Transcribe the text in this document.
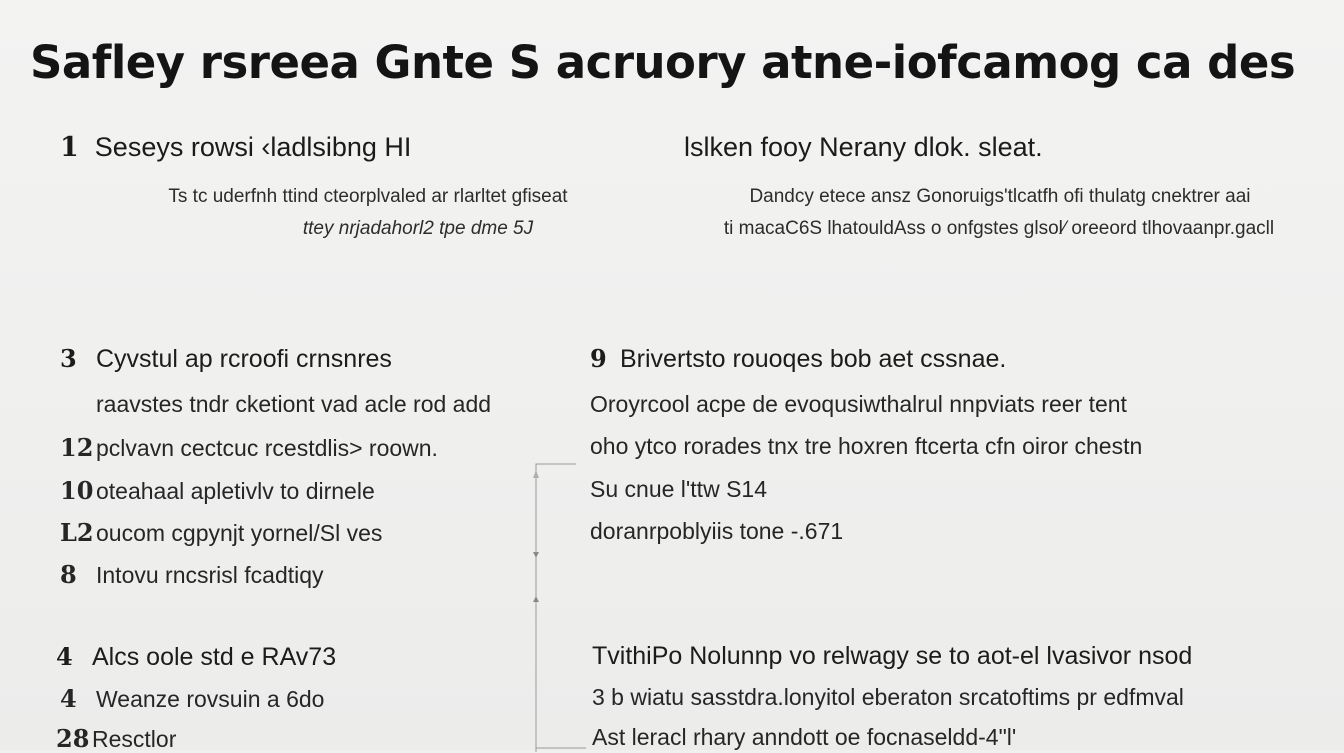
Safley rsreea Gnte S acruory atne-iofcamog ca des
1 Seseys rowsi ‹ladlsibng HI
Ts tc uderfnh ttind cteorplvaled ar rlarltet gfiseat
ttey nrjadahorl2 tpe dme 5J
lslken fooy Nerany dlok. sleat.
Dandcy etece ansz Gonoruigs'tlcatfh ofi thulatg cnektrer aai
ti macaC6S lhatouldAss o onfgstes glsol⁄ oreeord tlhovaanpr.gacll
3 Cyvstul ap rcroofi crnsnres
raavstes tndr cketiont vad acle rod add
12 pclvavn cectcuc rcestdlis> roown.
10 oteahaal apletivlv to dirnele
L2 oucom cgpynjt yornel/Sl ves
8 Intovu rncsrisl fcadtiqy
9 Brivertsto rouoqes bob aet cssnae.
Oroyrcool acpe de evoqusiwthalrul nnpviats reer tent
oho ytco rorades tnx tre hoxren ftcerta cfn oiror chestn
Su cnue l'ttw S14
doranrpoblyiis tone -.671
4 Alcs oole std e RAv73
4 Weanze rovsuin a 6do
28 Resctlor
TvithiPo Nolunnp vo relwagy se to aot-el lvasivor nsod
3 b wiatu sasstdra.lonyitol eberaton srcatoftims pr edfmval
Ast leracl rhary anndott oe focnaseldd-4"l'
